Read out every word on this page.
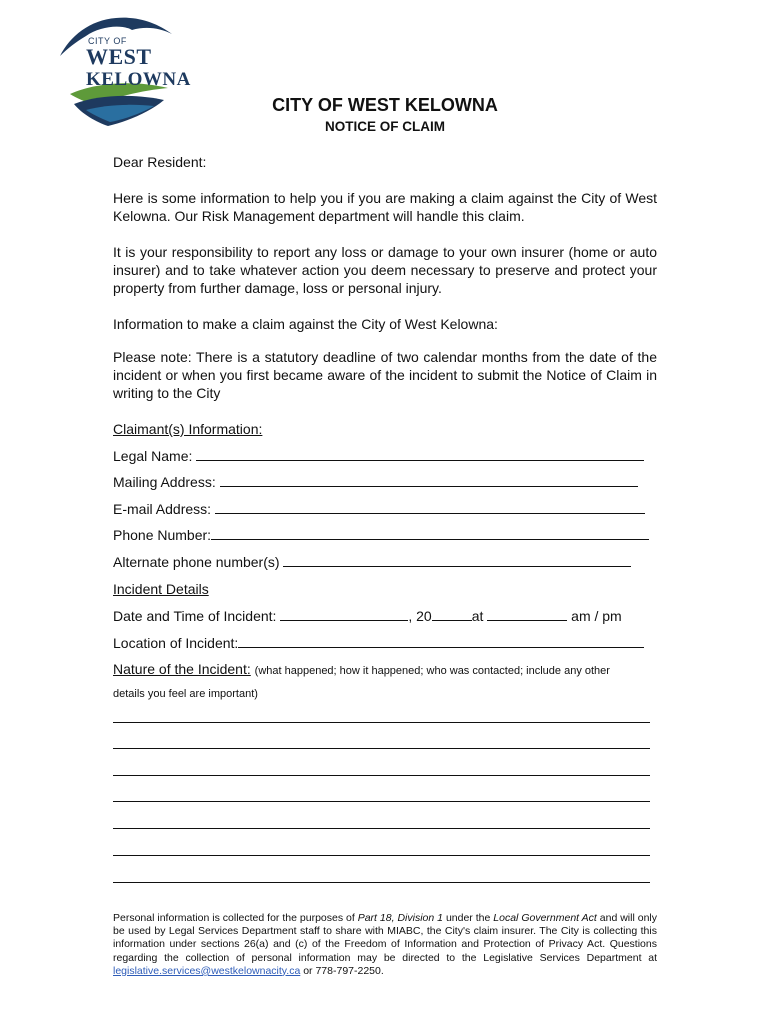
CITY OF
WEST
KELOWNA
CITY OF WEST KELOWNA
NOTICE OF CLAIM
Dear Resident:
Here is some information to help you if you are making a claim against the City of West Kelowna. Our Risk Management department will handle this claim.
It is your responsibility to report any loss or damage to your own insurer (home or auto insurer) and to take whatever action you deem necessary to preserve and protect your property from further damage, loss or personal injury.
Information to make a claim against the City of West Kelowna:
Please note: There is a statutory deadline of two calendar months from the date of the incident or when you first became aware of the incident to submit the Notice of Claim in writing to the City
Claimant(s) Information:
Legal Name:
Mailing Address:
E-mail Address:
Phone Number:
Alternate phone number(s)
Incident Details
Date and Time of Incident:	, 20	at	am / pm
Location of Incident:
Nature of the Incident: (what happened; how it happened; who was contacted; include any other
details you feel are important)
Personal information is collected for the purposes of Part 18, Division 1 under the Local Government Act and will only be used by Legal Services Department staff to share with MIABC, the City's claim insurer. The City is collecting this information under sections 26(a) and (c) of the Freedom of Information and Protection of Privacy Act. Questions regarding the collection of personal information may be directed to the Legislative Services Department at legislative.services@westkelownacity.ca or 778-797-2250.
